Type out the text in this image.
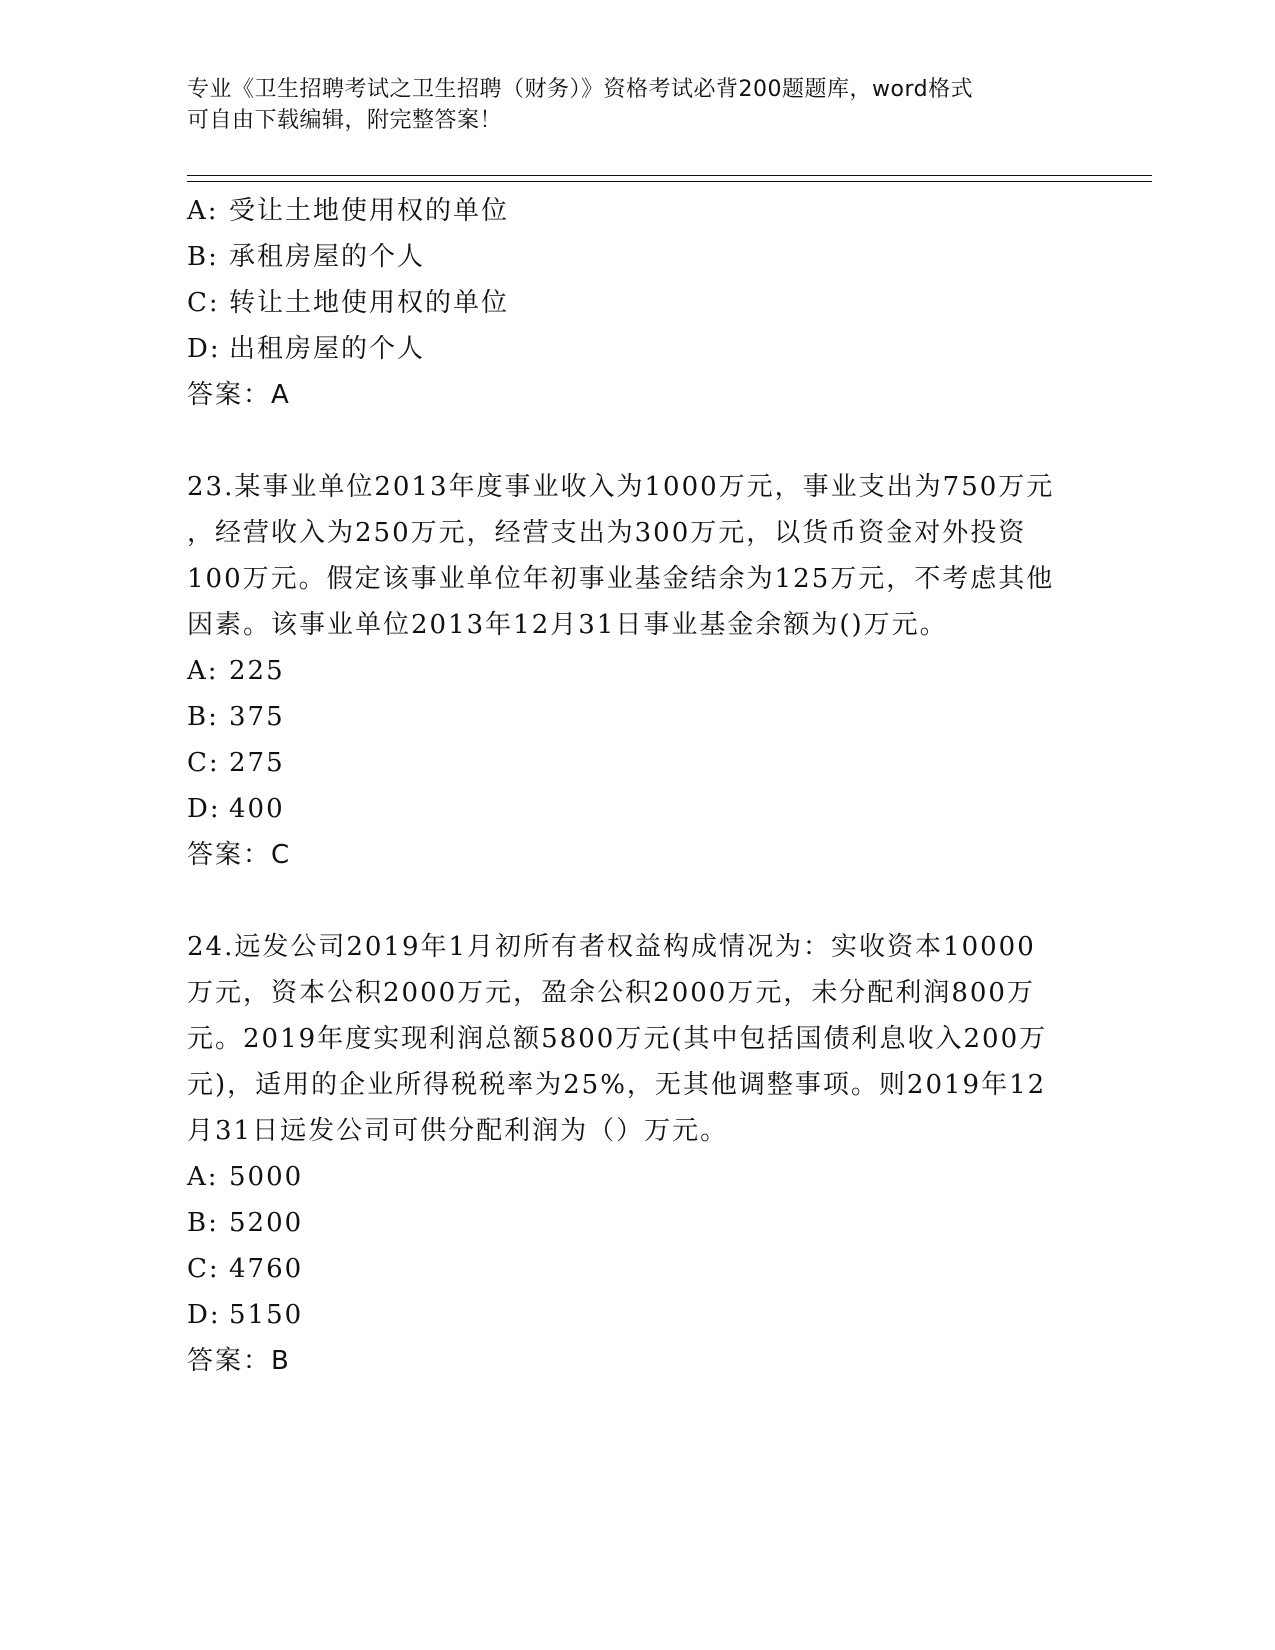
专业《卫生招聘考试之卫生招聘（财务）》资格考试必背200题题库，word格式
可自由下载编辑，附完整答案！
A: 受让土地使用权的单位
B: 承租房屋的个人
C: 转让土地使用权的单位
D: 出租房屋的个人
答案：A
23.某事业单位2013年度事业收入为1000万元，事业支出为750万元
，经营收入为250万元，经营支出为300万元，以货币资金对外投资
100万元。假定该事业单位年初事业基金结余为125万元，不考虑其他
因素。该事业单位2013年12月31日事业基金余额为()万元。
A: 225
B: 375
C: 275
D: 400
答案：C
24.远发公司2019年1月初所有者权益构成情况为：实收资本10000
万元，资本公积2000万元，盈余公积2000万元，未分配利润800万
元。2019年度实现利润总额5800万元(其中包括国债利息收入200万
元)，适用的企业所得税税率为25%，无其他调整事项。则2019年12
月31日远发公司可供分配利润为（）万元。
A: 5000
B: 5200
C: 4760
D: 5150
答案：B
